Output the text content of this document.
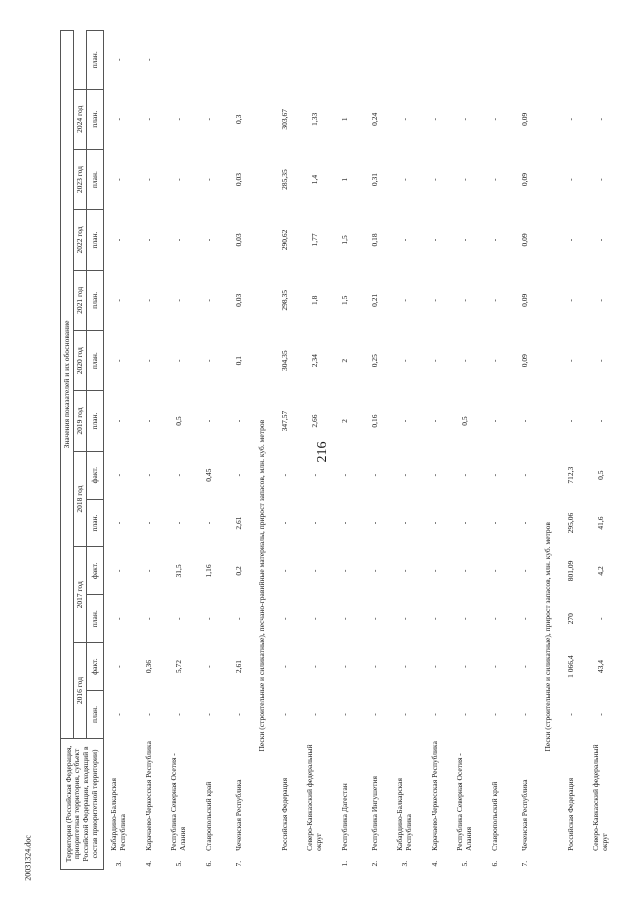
216
20031324.doc	Территория (Российская Федерация, приоритетная территория, субъект Российской Федерации, входящий в состав приоритетной территории)		Значения показателей и их обоснование												
		2016 год		2017 год		2018 год		2019 год	2020 год	2021 год	2022 год	2023 год	2024 год	
		план.	факт.	план.	факт.	план.	факт.	план.	план.	план.	план.	план.	план.	план.
3.	Кабардино-Балкарская Республика	-	-	-	-	-	-	-	-	-	-	-	-	-
4.	Карачаево-Черкесская Республика	-	0,36	-	-	-	-	-	-	-	-	-	-	-
5.	Республика Северная Осетия - Алания	-	5,72	-	31,5	-	-	0,5	-	-	-	-	-	
6.	Ставропольский край	-	-	-	1,16	-	0,45	-	-	-	-	-	-	
7.	Чеченская Республика	-	2,61	-	0,2	2,61	-	-	0,1	0,03	0,03	0,03	0,3	
Пески (строительные и силикатные), песчано-гравийные материалы, прирост запасов, млн. куб. метров														
	Российская Федерация	-	-	-	-	-	-	347,57	304,35	298,35	290,62	285,35	303,67	
	Северо-Кавказский федеральный округ	-	-	-	-	-	-	2,66	2,34	1,8	1,77	1,4	1,33	
1.	Республика Дагестан	-	-	-	-	-	-	2	2	1,5	1,5	1	1	
2.	Республика Ингушетия	-	-	-	-	-	-	0,16	0,25	0,21	0,18	0,31	0,24	
3.	Кабардино-Балкарская Республика	-	-	-	-	-	-	-	-	-	-	-	-	
4.	Карачаево-Черкесская Республика	-	-	-	-	-	-	-	-	-	-	-	-	
5.	Республика Северная Осетия - Алания	-	-	-	-	-	-	0,5	-	-	-	-	-	
6.	Ставропольский край	-	-	-	-	-	-	-	-	-	-	-	-	
7.	Чеченская Республика	-	-	-	-	-	-	-	0,09	0,09	0,09	0,09	0,09	
Пески (строительные и силикатные), прирост запасов, млн. куб. метров														
	Российская Федерация	-	1 066,4	270	801,09	295,06	712,3	-	-	-	-	-	-	
	Северо-Кавказский федеральный округ	-	43,4	-	4,2	41,6	0,5	-	-	-	-	-	-	
